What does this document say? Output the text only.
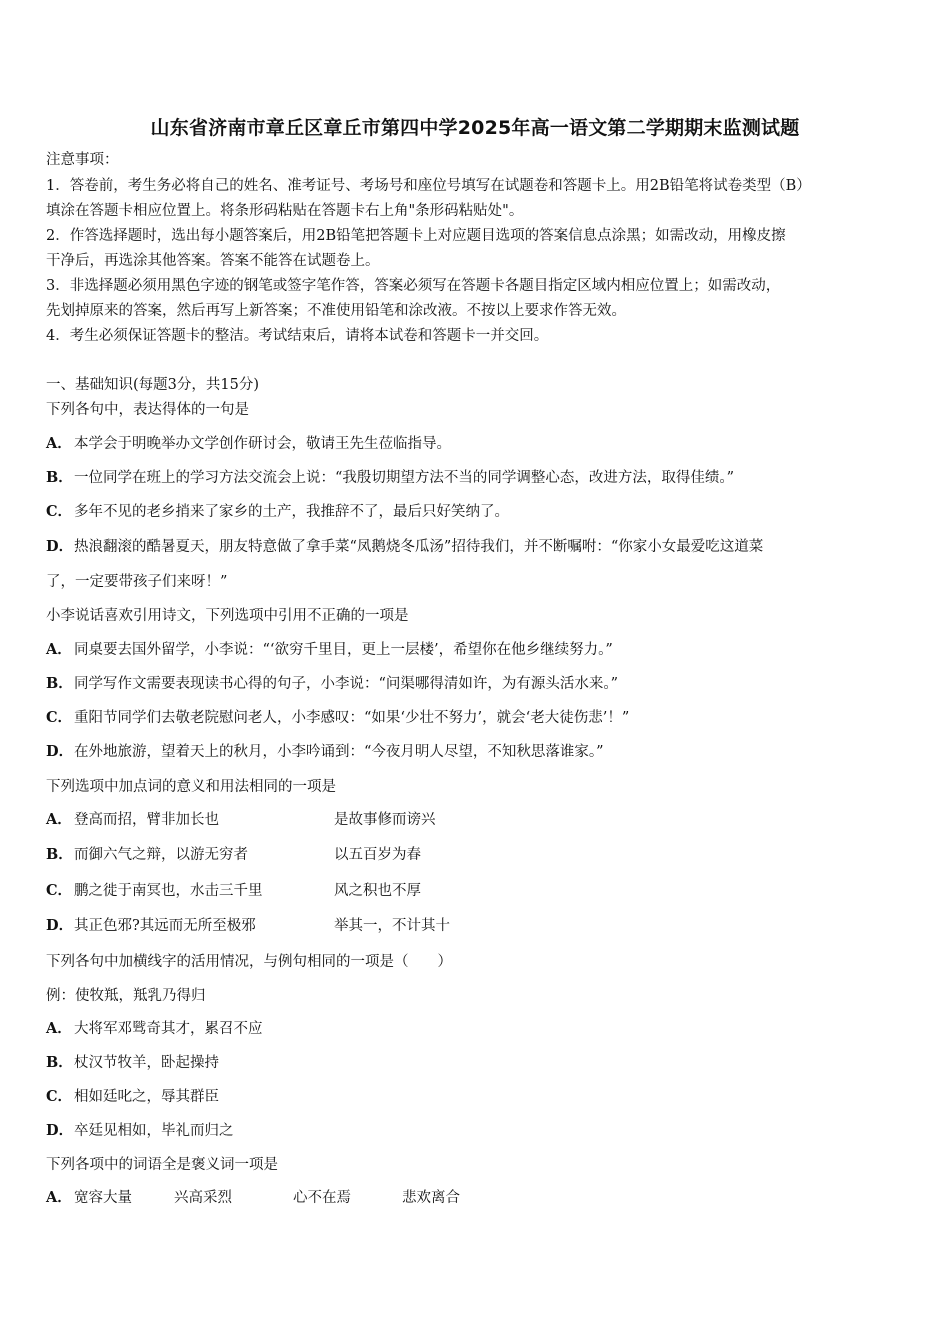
山东省济南市章丘区章丘市第四中学2025年高一语文第二学期期末监测试题
注意事项：
1．答卷前，考生务必将自己的姓名、准考证号、考场号和座位号填写在试题卷和答题卡上。用2B铅笔将试卷类型（B）
填涂在答题卡相应位置上。将条形码粘贴在答题卡右上角"条形码粘贴处"。
2．作答选择题时，选出每小题答案后，用2B铅笔把答题卡上对应题目选项的答案信息点涂黑；如需改动，用橡皮擦
干净后，再选涂其他答案。答案不能答在试题卷上。
3．非选择题必须用黑色字迹的钢笔或签字笔作答，答案必须写在答题卡各题目指定区域内相应位置上；如需改动，
先划掉原来的答案，然后再写上新答案；不准使用铅笔和涂改液。不按以上要求作答无效。
4．考生必须保证答题卡的整洁。考试结束后，请将本试卷和答题卡一并交回。
一、基础知识(每题3分，共15分)
下列各句中，表达得体的一句是
A． 本学会于明晚举办文学创作研讨会，敬请王先生莅临指导。
B．一位同学在班上的学习方法交流会上说：“我殷切期望方法不当的同学调整心态，改进方法，取得佳绩。”
C． 多年不见的老乡捎来了家乡的土产，我推辞不了，最后只好笑纳了。
D．热浪翻滚的酷暑夏天，朋友特意做了拿手菜“凤鹅烧冬瓜汤”招待我们，并不断嘱咐：“你家小女最爱吃这道菜
了，一定要带孩子们来呀！”
小李说话喜欢引用诗文，下列选项中引用不正确的一项是
A． 同桌要去国外留学，小李说：“‘欲穷千里目，更上一层楼’，希望你在他乡继续努力。”
B．同学写作文需要表现读书心得的句子，小李说：“问渠哪得清如许，为有源头活水来。”
C． 重阳节同学们去敬老院慰问老人，小李感叹：“如果‘少壮不努力’，就会‘老大徒伤悲’！”
D．在外地旅游，望着天上的秋月，小李吟诵到：“今夜月明人尽望，不知秋思落谁家。”
下列选项中加点词的意义和用法相同的一项是
A． 登高而招，臂非加长也	是故事修而谤兴
B．而御六气之辩，以游无穷者	以五百岁为春
C． 鹏之徙于南冥也，水击三千里	风之积也不厚
D．其正色邪?其远而无所至极邪	举其一，不计其十
下列各句中加横线字的活用情况，与例句相同的一项是（　　）
例：使牧羝，羝乳乃得归
A． 大将军邓骘奇其才，累召不应
B．杖汉节牧羊，卧起操持
C． 相如廷叱之，辱其群臣
D．卒廷见相如，毕礼而归之
下列各项中的词语全是褒义词一项是
A． 宽容大量	兴高采烈	心不在焉	悲欢离合
